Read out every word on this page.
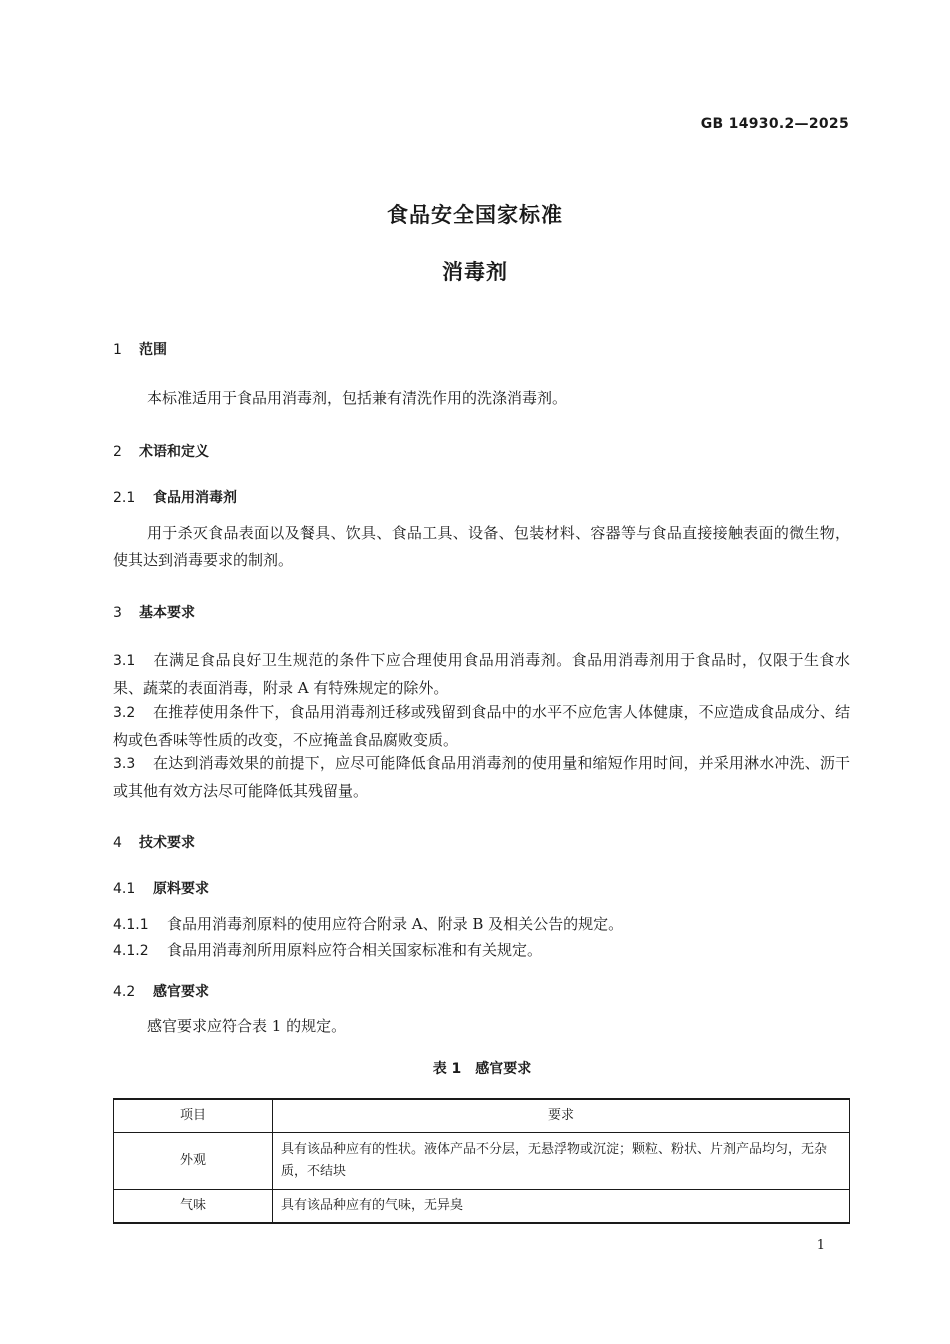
GB 14930.2—2025
食品安全国家标准
消毒剂
1 范围
本标准适用于食品用消毒剂，包括兼有清洗作用的洗涤消毒剂。
2 术语和定义
2.1 食品用消毒剂
用于杀灭食品表面以及餐具、饮具、食品工具、设备、包装材料、容器等与食品直接接触表面的微生物，使其达到消毒要求的制剂。
3 基本要求
3.1 在满足食品良好卫生规范的条件下应合理使用食品用消毒剂。食品用消毒剂用于食品时，仅限于生食水果、蔬菜的表面消毒，附录 A 有特殊规定的除外。
3.2 在推荐使用条件下，食品用消毒剂迁移或残留到食品中的水平不应危害人体健康，不应造成食品成分、结构或色香味等性质的改变，不应掩盖食品腐败变质。
3.3 在达到消毒效果的前提下，应尽可能降低食品用消毒剂的使用量和缩短作用时间，并采用淋水冲洗、沥干或其他有效方法尽可能降低其残留量。
4 技术要求
4.1 原料要求
4.1.1 食品用消毒剂原料的使用应符合附录 A、附录 B 及相关公告的规定。
4.1.2 食品用消毒剂所用原料应符合相关国家标准和有关规定。
4.2 感官要求
感官要求应符合表 1 的规定。
表 1　感官要求
项目	要求
外观	具有该品种应有的性状。液体产品不分层，无悬浮物或沉淀；颗粒、粉状、片剂产品均匀，无杂质，不结块
气味	具有该品种应有的气味，无异臭
1
